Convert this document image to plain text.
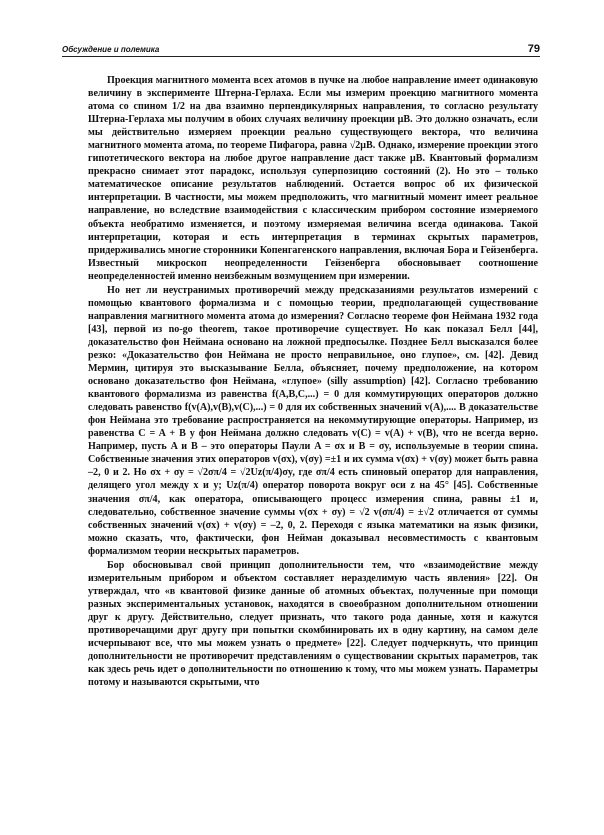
Обсуждение и полемика	79

Проекция магнитного момента всех атомов в пучке на любое направление имеет одинаковую величину в эксперименте Штерна-Герлаха. Если мы измерим проекцию магнитного момента атома со спином 1/2 на два взаимно перпендикулярных направления, то согласно результату Штерна-Герлаха мы получим в обоих случаях величину проекции μB. Это должно означать, если мы действительно измеряем проекции реально существующего вектора, что величина магнитного момента атома, по теореме Пифагора, равна √2μB. Однако, измерение проекции этого гипотетического вектора на любое другое направление даст также μB. Квантовый формализм прекрасно снимает этот парадокс, используя суперпозицию состояний (2). Но это – только математическое описание результатов наблюдений. Остается вопрос об их физической интерпретации. В частности, мы можем предположить, что магнитный момент имеет реальное направление, но вследствие взаимодействия с классическим прибором состояние измеряемого объекта необратимо изменяется, и поэтому измеряемая величина всегда одинакова. Такой интерпретации, которая и есть интерпретация в терминах скрытых параметров, придерживались многие сторонники Копенгагенского направления, включая Бора и Гейзенберга. Известный микроскоп неопределенности Гейзенберга обосновывает соотношение неопределенностей именно неизбежным возмущением при измерении.

Но нет ли неустранимых противоречий между предсказаниями результатов измерений с помощью квантового формализма и с помощью теории, предполагающей существование направления магнитного момента атома до измерения? Согласно теореме фон Неймана 1932 года [43], первой из no-go theorem, такое противоречие существует. Но как показал Белл [44], доказательство фон Неймана основано на ложной предпосылке. Позднее Белл высказался более резко: «Доказательство фон Неймана не просто неправильное, оно глупое», см. [42]. Девид Мермин, цитируя это высказывание Белла, объясняет, почему предположение, на котором основано доказательство фон Неймана, «глупое» (silly assumption) [42]. Согласно требованию квантового формализма из равенства f(A,B,C,...) = 0 для коммутирующих операторов должно следовать равенство f(v(A),v(B),v(C),...) = 0 для их собственных значений v(A),.... В доказательстве фон Неймана это требование распространяется на некоммутирующие операторы. Например, из равенства C = A + B у фон Неймана должно следовать v(C) = v(A) + v(B), что не всегда верно. Например, пусть A и B – это операторы Паули A = σx и B = σy, используемые в теории спина. Собственные значения этих операторов v(σx), v(σy) =±1 и их сумма v(σx) + v(σy) может быть равна –2, 0 и 2. Но σx + σy = √2σπ/4 = √2Uz(π/4)σy, где σπ/4 есть спиновый оператор для направления, делящего угол между x и y; Uz(π/4) оператор поворота вокруг оси z на 45° [45]. Собственные значения σπ/4, как оператора, описывающего процесс измерения спина, равны ±1 и, следовательно, собственное значение суммы v(σx + σy) = √2 v(σπ/4) = ±√2 отличается от суммы собственных значений v(σx) + v(σy) = –2, 0, 2. Переходя с языка математики на язык физики, можно сказать, что, фактически, фон Нейман доказывал несовместимость с квантовым формализмом теории нескрытых параметров.

Бор обосновывал свой принцип дополнительности тем, что «взаимодействие между измерительным прибором и объектом составляет неразделимую часть явления» [22]. Он утверждал, что «в квантовой физике данные об атомных объектах, полученные при помощи разных экспериментальных установок, находятся в своеобразном дополнительном отношении друг к другу. Действительно, следует признать, что такого рода данные, хотя и кажутся противоречащими друг другу при попытки скомбинировать их в одну картину, на самом деле исчерпывают все, что мы можем узнать о предмете» [22]. Следует подчеркнуть, что принцип дополнительности не противоречит представлениям о существовании скрытых параметров, так как здесь речь идет о дополнительности по отношению к тому, что мы можем узнать. Параметры потому и называются скрытыми, что
